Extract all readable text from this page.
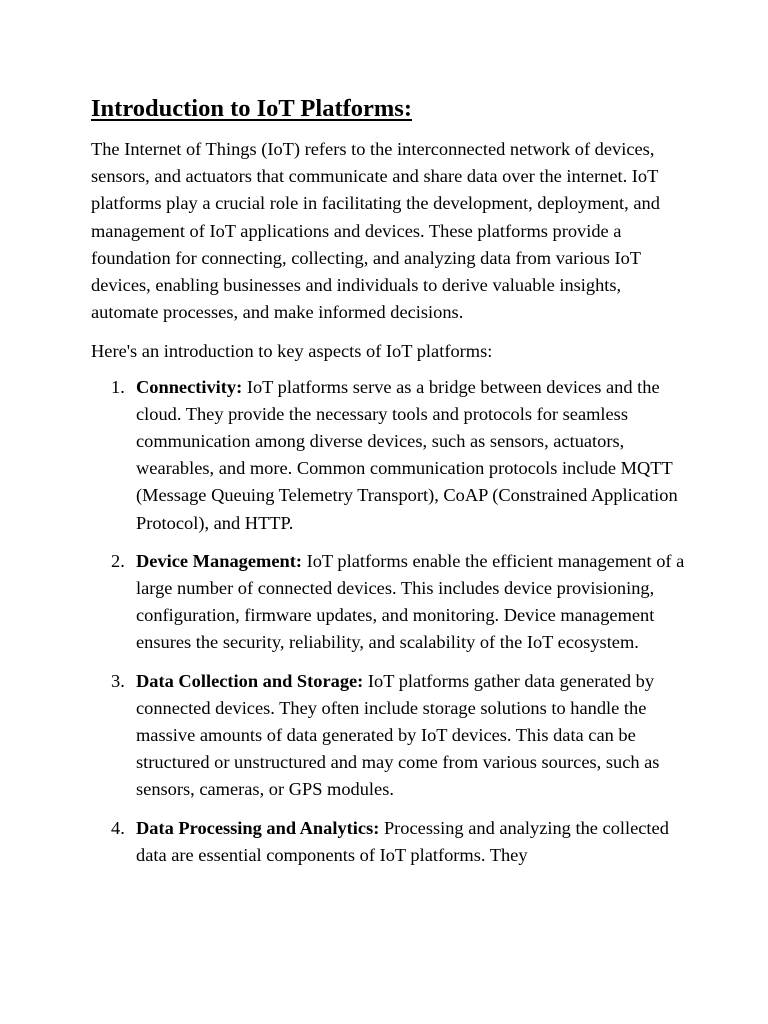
Introduction to IoT Platforms:

The Internet of Things (IoT) refers to the interconnected network of devices, sensors, and actuators that communicate and share data over the internet. IoT platforms play a crucial role in facilitating the development, deployment, and management of IoT applications and devices. These platforms provide a foundation for connecting, collecting, and analyzing data from various IoT devices, enabling businesses and individuals to derive valuable insights, automate processes, and make informed decisions.

Here's an introduction to key aspects of IoT platforms:

1. Connectivity: IoT platforms serve as a bridge between devices and the cloud. They provide the necessary tools and protocols for seamless communication among diverse devices, such as sensors, actuators, wearables, and more. Common communication protocols include MQTT (Message Queuing Telemetry Transport), CoAP (Constrained Application Protocol), and HTTP.
2. Device Management: IoT platforms enable the efficient management of a large number of connected devices. This includes device provisioning, configuration, firmware updates, and monitoring. Device management ensures the security, reliability, and scalability of the IoT ecosystem.
3. Data Collection and Storage: IoT platforms gather data generated by connected devices. They often include storage solutions to handle the massive amounts of data generated by IoT devices. This data can be structured or unstructured and may come from various sources, such as sensors, cameras, or GPS modules.
4. Data Processing and Analytics: Processing and analyzing the collected data are essential components of IoT platforms. They
